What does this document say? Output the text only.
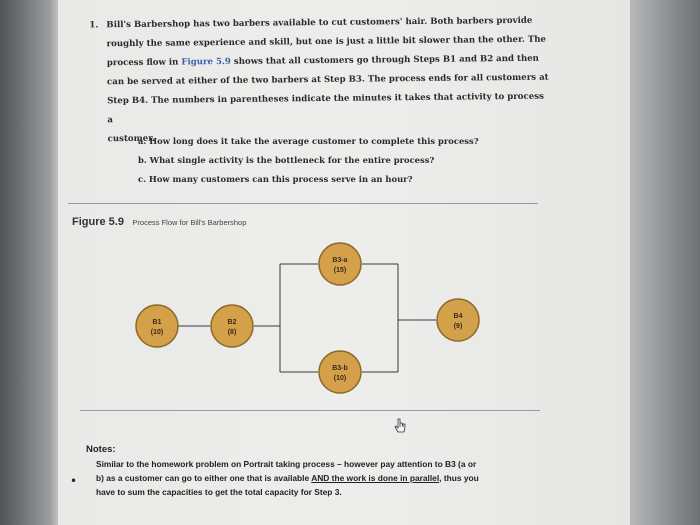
1. Bill's Barbershop has two barbers available to cut customers' hair. Both barbers provide
roughly the same experience and skill, but one is just a little bit slower than the other. The
process flow in Figure 5.9 shows that all customers go through Steps B1 and B2 and then
can be served at either of the two barbers at Step B3. The process ends for all customers at
Step B4. The numbers in parentheses indicate the minutes it takes that activity to process a
customer.
a. How long does it take the average customer to complete this process?
b. What single activity is the bottleneck for the entire process?
c. How many customers can this process serve in an hour?
Figure 5.9 Process Flow for Bill's Barbershop
B1
(10)
B2
(8)
B3-a
(15)
B3-b
(10)
B4
(9)
Notes:
•
Similar to the homework problem on Portrait taking process – however pay attention to B3 (a or
b) as a customer can go to either one that is available AND the work is done in parallel, thus you
have to sum the capacities to get the total capacity for Step 3.
